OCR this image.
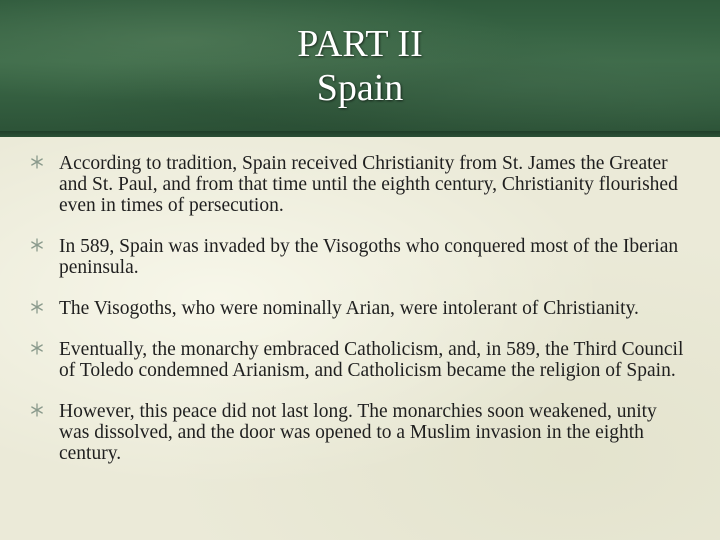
PART II
Spain
According to tradition, Spain received Christianity from St. James the Greater and St. Paul, and from that time until the eighth century, Christianity flourished even in times of persecution.
In 589, Spain was invaded by the Visogoths who conquered most of the Iberian peninsula.
The Visogoths, who were nominally Arian, were intolerant of Christianity.
Eventually, the monarchy embraced Catholicism, and, in 589, the Third Council of Toledo condemned Arianism, and Catholicism became the religion of Spain.
However, this peace did not last long. The monarchies soon weakened, unity was dissolved, and the door was opened to a Muslim invasion in the eighth century.
